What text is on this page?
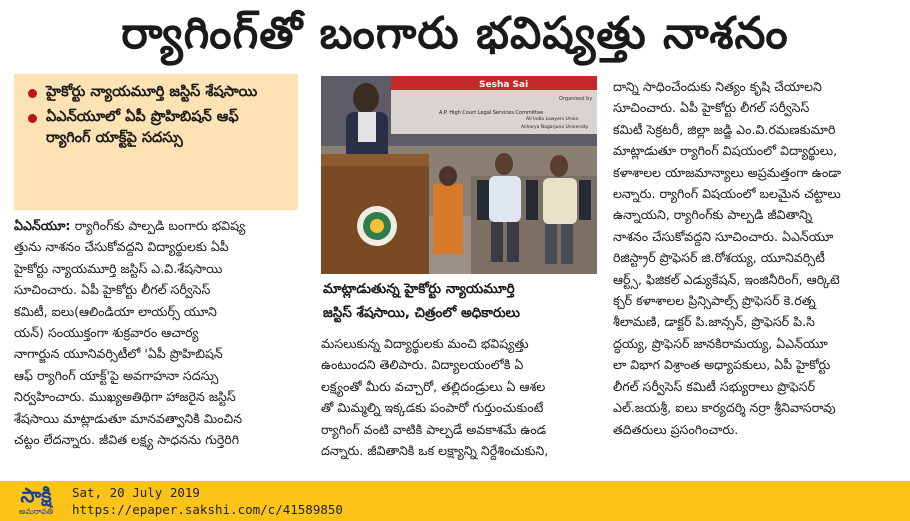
ర్యాగింగ్‌తో బంగారు భవిష్యత్తు నాశనం
హైకోర్టు న్యాయమూర్తి జస్టిస్ శేషసాయి
ఏఎన్‌యూలో ఏపీ ప్రొహిబిషన్ ఆఫ్ ర్యాగింగ్ యాక్ట్‌పై సదస్సు
ఏఎన్‌యూ: ర్యాగింగ్‌కు పాల్పడి బంగారు భవిష్య
త్తును నాశనం చేసుకోవద్దని విద్యార్థులకు ఏపీ
హైకోర్టు న్యాయమూర్తి జస్టిస్ ఎ.వి.శేషసాయి
సూచించారు. ఏపీ హైకోర్టు లీగల్ సర్వీసెస్
కమిటీ, ఐలు(ఆలిండియా లాయర్స్ యూని
యన్) సంయుక్తంగా శుక్రవారం ఆచార్య
నాగార్జున యూనివర్సిటీలో 'ఏపీ ప్రొహిబిషన్
ఆఫ్ ర్యాగింగ్ యాక్ట్'పై అవగాహనా సదస్సు
నిర్వహించారు. ముఖ్యఅతిథిగా హాజరైన జస్టిస్
శేషసాయి మాట్లాడుతూ మానవత్వానికి మించిన
చట్టం లేదన్నారు. జీవిత లక్ష్య సాధనను గుర్తెరిగి
Sesha Sai
Organised by
A.P. High Court Legal Services Committee
All India Lawyers Union
Acharya Nagarjuna University
మాట్లాడుతున్న హైకోర్టు న్యాయమూర్తి
జస్టిస్ శేషసాయి, చిత్రంలో అధికారులు
మసలుకున్న విద్యార్థులకు మంచి భవిష్యత్తు
ఉంటుందని తెలిపారు. విద్యాలయంలోకి ఏ
లక్ష్యంతో మీరు వచ్చారో, తల్లిదండ్రులు ఏ ఆశల
తో మిమ్మల్ని ఇక్కడకు పంపారో గుర్తుంచుకుంటే
ర్యాగింగ్ వంటి వాటికి పాల్పడే అవకాశమే ఉండ
దన్నారు. జీవితానికి ఒక లక్ష్యాన్ని నిర్దేశించుకుని,
దాన్ని సాధించేందుకు నిత్యం కృషి చేయాలని
సూచించారు. ఏపీ హైకోర్టు లీగల్ సర్వీసెస్
కమిటీ సెక్రటరీ, జిల్లా జడ్జి ఎం.వి.రమణకుమారి
మాట్లాడుతూ ర్యాగింగ్ విషయంలో విద్యార్థులు,
కళాశాలల యాజమాన్యాలు అప్రమత్తంగా ఉండా
లన్నారు. ర్యాగింగ్ విషయంలో బలమైన చట్టాలు
ఉన్నాయని, ర్యాగింగ్‌కు పాల్పడి జీవితాన్ని
నాశనం చేసుకోవద్దని సూచించారు. ఏఎన్‌యూ
రిజిస్ట్రార్ ప్రొఫెసర్ జి.రోశయ్య, యూనివర్సిటీ
ఆర్ట్స్, ఫిజికల్ ఎడ్యుకేషన్, ఇంజినీరింగ్, ఆర్కిటె
క్చర్ కళాశాలల ప్రిన్సిపాల్స్ ప్రొఫెసర్ కె.రత్న
శీలామణి, డాక్టర్ పి.జాన్సన్, ప్రొఫెసర్ పి.సి
ద్ధయ్య, ప్రొఫెసర్ జానకిరామయ్య, ఏఎన్‌యూ
లా విభాగ విశ్రాంత అధ్యాపకులు, ఏపీ హైకోర్టు
లీగల్ సర్వీసెస్ కమిటీ సభ్యురాలు ప్రొఫెసర్
ఎల్.జయశ్రీ, ఐలు కార్యదర్శి నర్రా శ్రీనివాసరావు
తదితరులు ప్రసంగించారు.
సాక్షి
అమరావతి
Sat, 20 July 2019
https://epaper.sakshi.com/c/41589850
